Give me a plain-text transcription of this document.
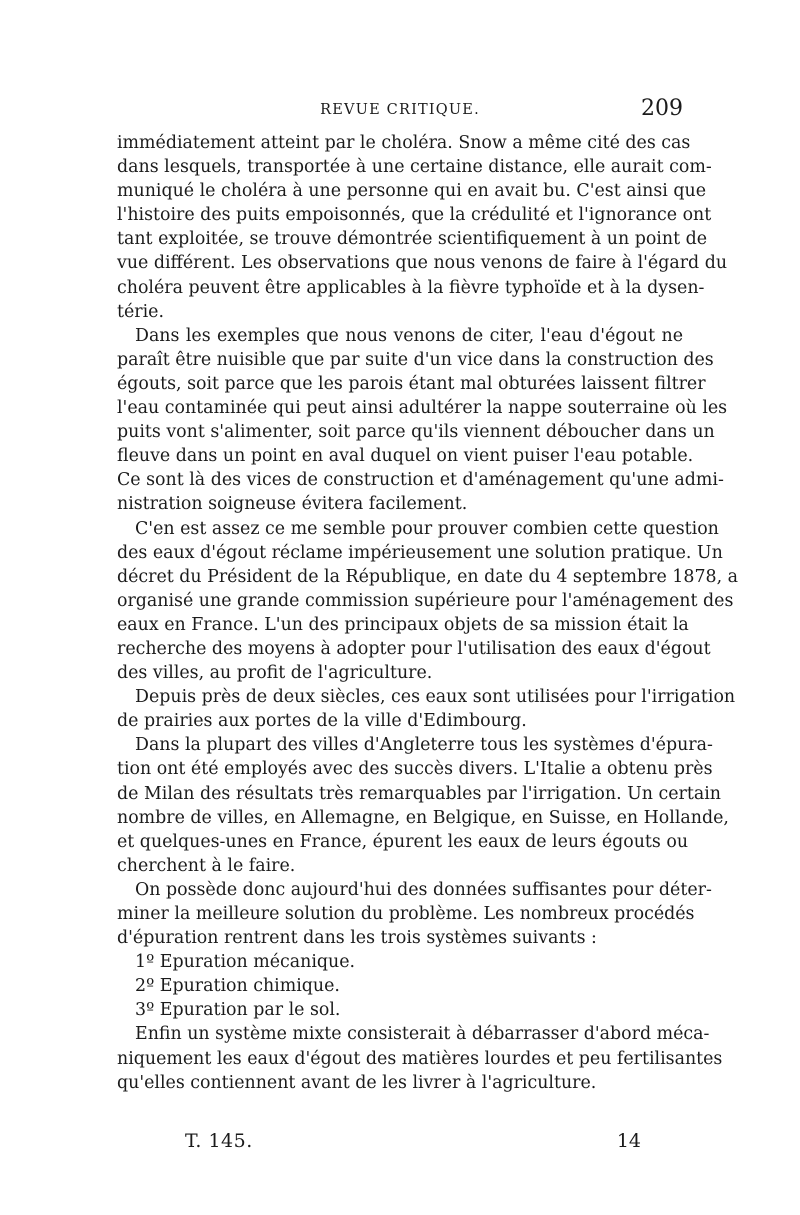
REVUE CRITIQUE.	209
immédiatement atteint par le choléra. Snow a même cité des cas
dans lesquels, transportée à une certaine distance, elle aurait com-
muniqué le choléra à une personne qui en avait bu. C'est ainsi que
l'histoire des puits empoisonnés, que la crédulité et l'ignorance ont
tant exploitée, se trouve démontrée scientifiquement à un point de
vue différent. Les observations que nous venons de faire à l'égard du
choléra peuvent être applicables à la fièvre typhoïde et à la dysen-
térie.
Dans les exemples que nous venons de citer, l'eau d'égout ne
paraît être nuisible que par suite d'un vice dans la construction des
égouts, soit parce que les parois étant mal obturées laissent filtrer
l'eau contaminée qui peut ainsi adultérer la nappe souterraine où les
puits vont s'alimenter, soit parce qu'ils viennent déboucher dans un
fleuve dans un point en aval duquel on vient puiser l'eau potable.
Ce sont là des vices de construction et d'aménagement qu'une admi-
nistration soigneuse évitera facilement.
C'en est assez ce me semble pour prouver combien cette question
des eaux d'égout réclame impérieusement une solution pratique. Un
décret du Président de la République, en date du 4 septembre 1878, a
organisé une grande commission supérieure pour l'aménagement des
eaux en France. L'un des principaux objets de sa mission était la
recherche des moyens à adopter pour l'utilisation des eaux d'égout
des villes, au profit de l'agriculture.
Depuis près de deux siècles, ces eaux sont utilisées pour l'irrigation
de prairies aux portes de la ville d'Edimbourg.
Dans la plupart des villes d'Angleterre tous les systèmes d'épura-
tion ont été employés avec des succès divers. L'Italie a obtenu près
de Milan des résultats très remarquables par l'irrigation. Un certain
nombre de villes, en Allemagne, en Belgique, en Suisse, en Hollande,
et quelques-unes en France, épurent les eaux de leurs égouts ou
cherchent à le faire.
On possède donc aujourd'hui des données suffisantes pour déter-
miner la meilleure solution du problème. Les nombreux procédés
d'épuration rentrent dans les trois systèmes suivants :
1º Epuration mécanique.
2º Epuration chimique.
3º Epuration par le sol.
Enfin un système mixte consisterait à débarrasser d'abord méca-
niquement les eaux d'égout des matières lourdes et peu fertilisantes
qu'elles contiennent avant de les livrer à l'agriculture.
T. 145.	14
